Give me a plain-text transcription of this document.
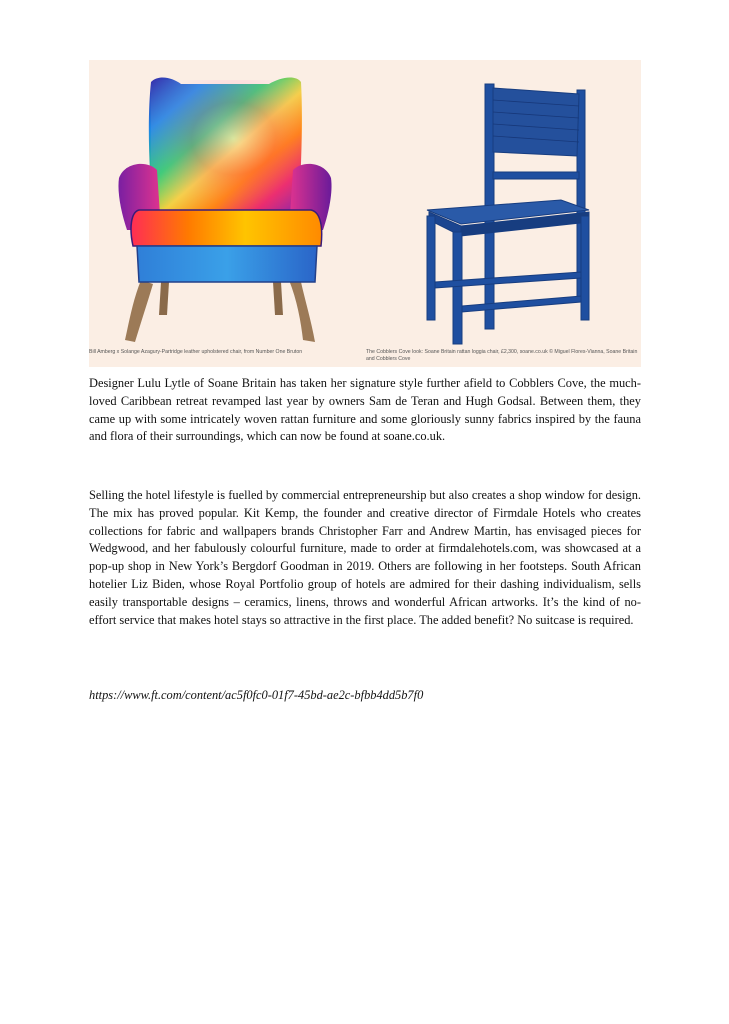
Bill Amberg x Solange Azagury-Partridge leather upholstered chair, from Number One Bruton	The Cobblers Cove look: Soane Britain rattan loggia chair, £2,300, soane.co.uk © Miguel Flores-Vianna, Soane Britain and Cobblers Cove

Designer Lulu Lytle of Soane Britain has taken her signature style further afield to Cobblers Cove, the much-loved Caribbean retreat revamped last year by owners Sam de Teran and Hugh Godsal. Between them, they came up with some intricately woven rattan furniture and some gloriously sunny fabrics inspired by the fauna and flora of their surroundings, which can now be found at soane.co.uk.

Selling the hotel lifestyle is fuelled by commercial entrepreneurship but also creates a shop window for design. The mix has proved popular. Kit Kemp, the founder and creative director of Firmdale Hotels who creates collections for fabric and wallpapers brands Christopher Farr and Andrew Martin, has envisaged pieces for Wedgwood, and her fabulously colourful furniture, made to order at firmdalehotels.com, was showcased at a pop-up shop in New York’s Bergdorf Goodman in 2019. Others are following in her footsteps. South African hotelier Liz Biden, whose Royal Portfolio group of hotels are admired for their dashing individualism, sells easily transportable designs – ceramics, linens, throws and wonderful African artworks. It’s the kind of no-effort service that makes hotel stays so attractive in the first place. The added benefit? No suitcase is required.

https://www.ft.com/content/ac5f0fc0-01f7-45bd-ae2c-bfbb4dd5b7f0
